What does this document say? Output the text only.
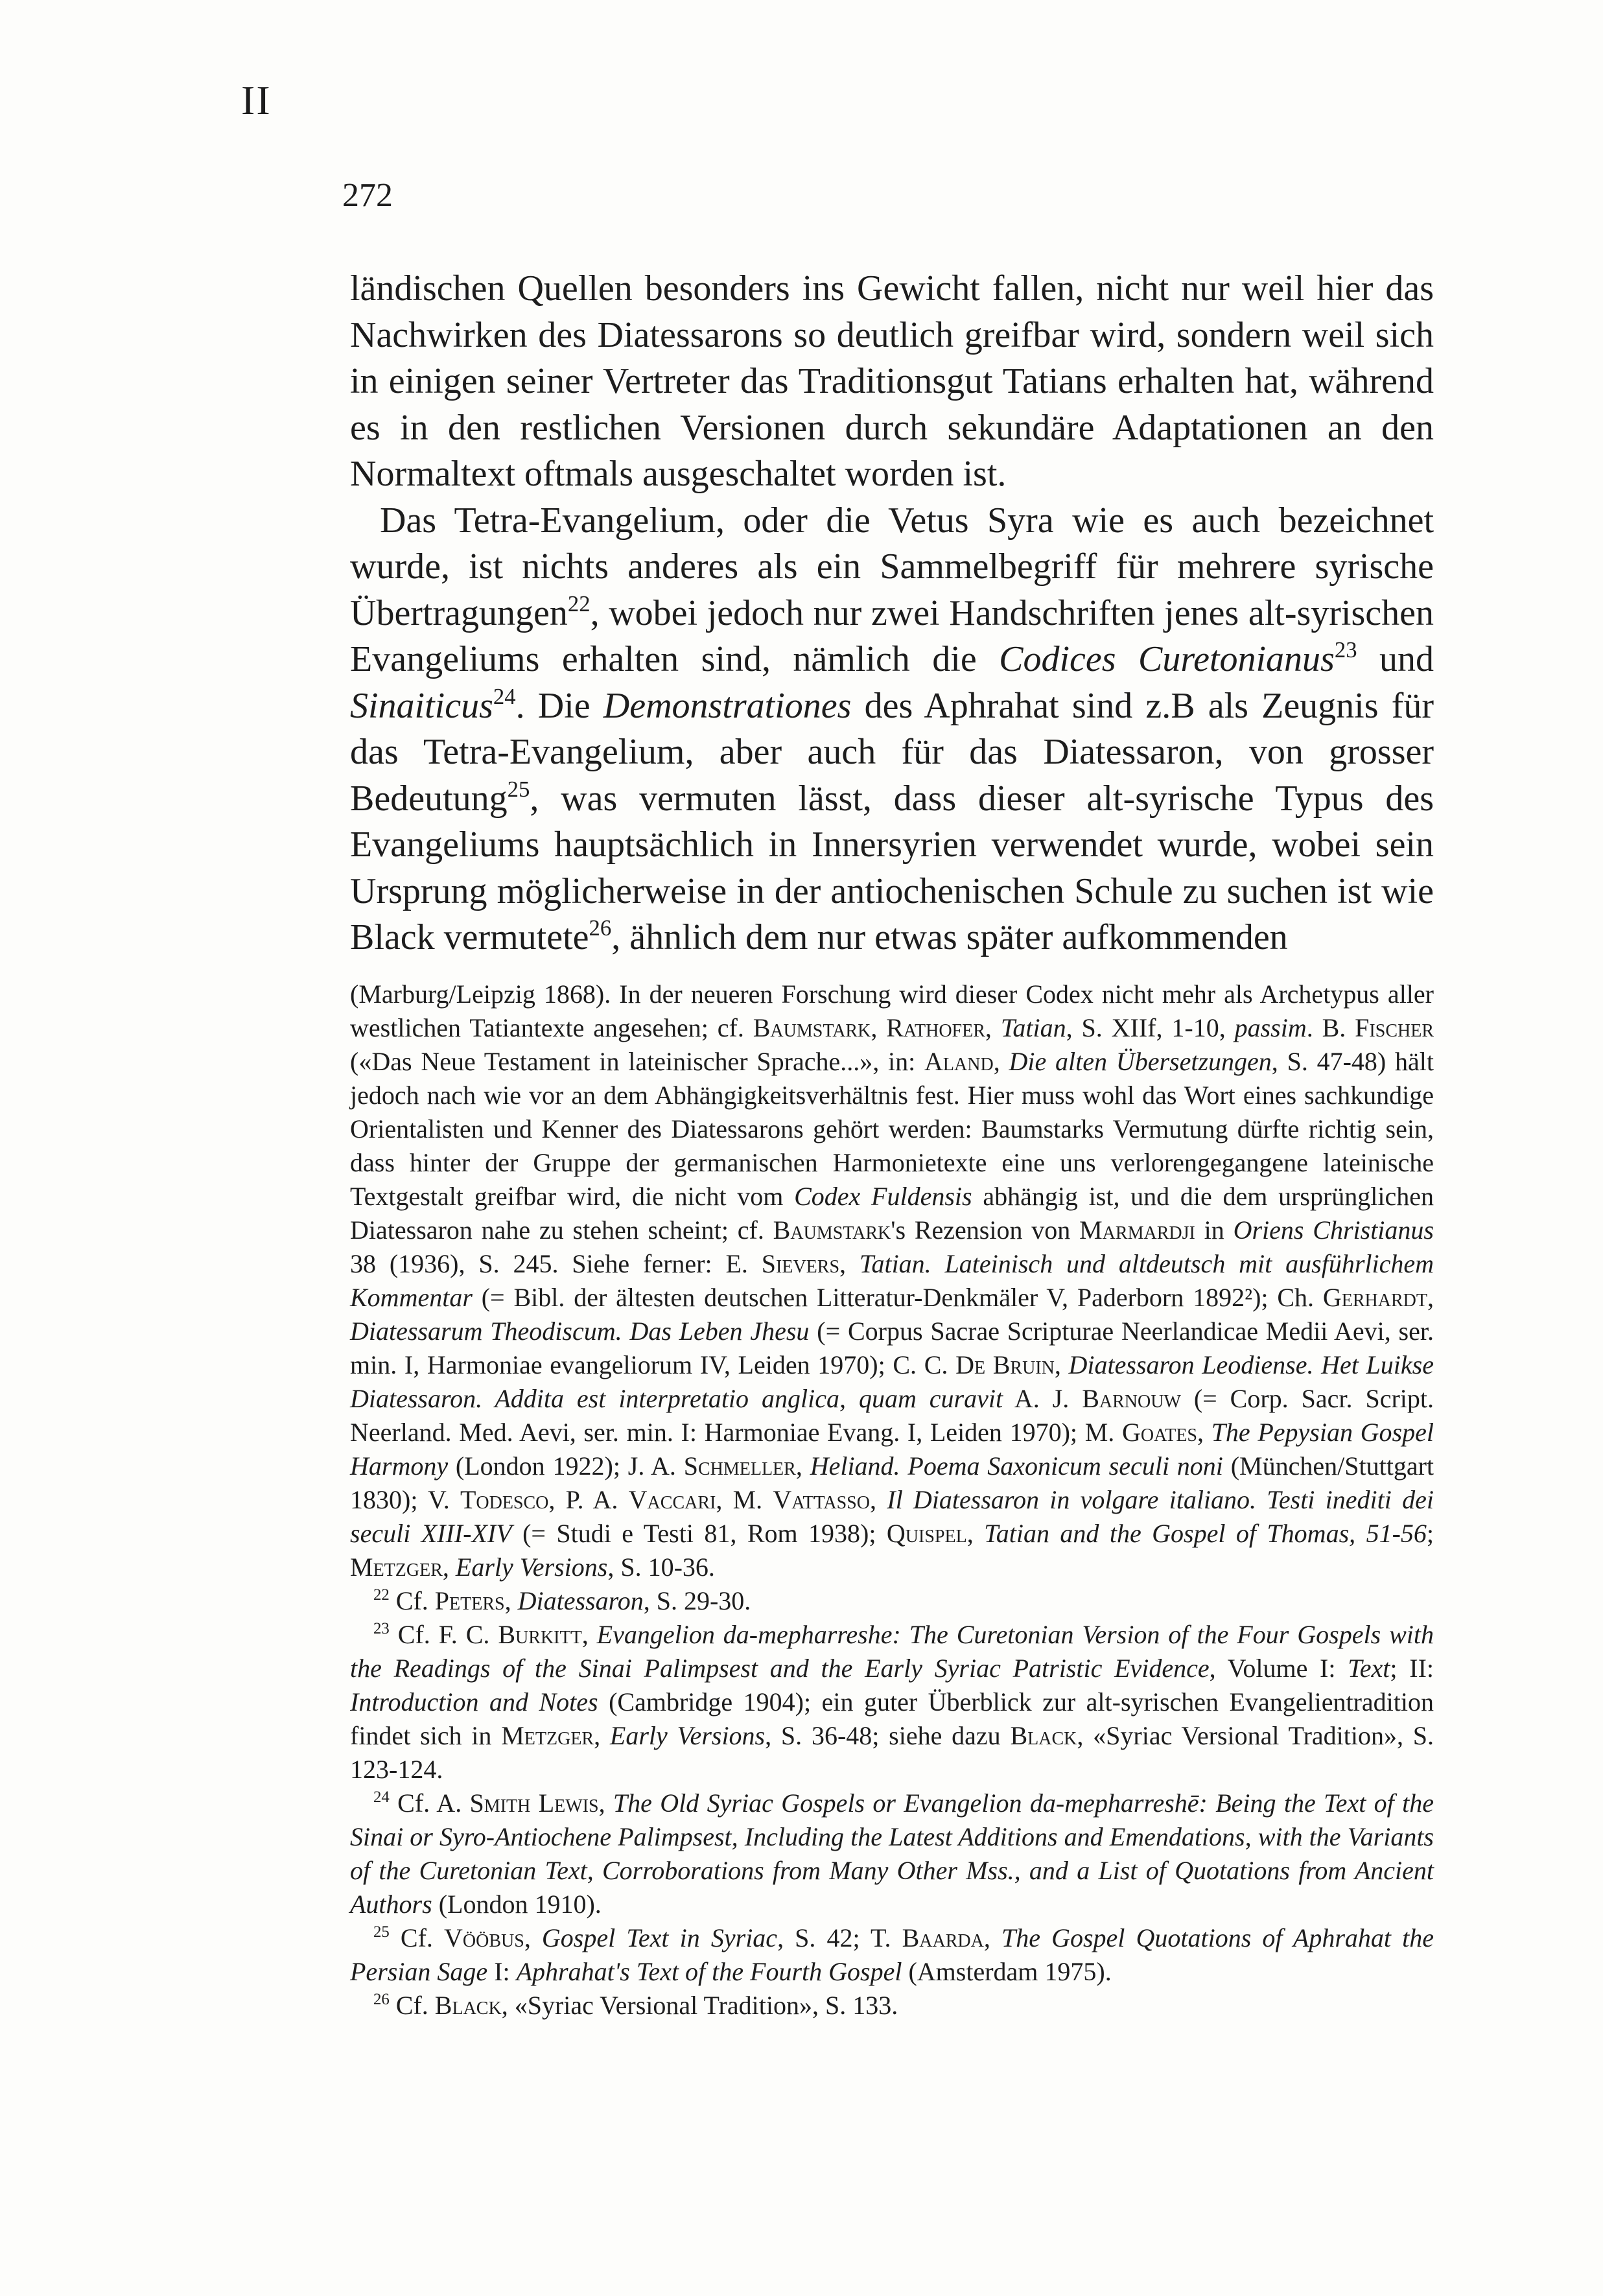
II
272

ländischen Quellen besonders ins Gewicht fallen, nicht nur weil hier das Nachwirken des Diatessarons so deutlich greifbar wird, sondern weil sich in einigen seiner Vertreter das Traditionsgut Tatians erhalten hat, während es in den restlichen Versionen durch sekundäre Adaptationen an den Normaltext oftmals ausgeschaltet worden ist.

Das Tetra-Evangelium, oder die Vetus Syra wie es auch bezeichnet wurde, ist nichts anderes als ein Sammelbegriff für mehrere syrische Übertragungen$^{22}$, wobei jedoch nur zwei Handschriften jenes alt-syrischen Evangeliums erhalten sind, nämlich die Codices Curetonianus$^{23}$ und Sinaiticus$^{24}$. Die Demonstrationes des Aphrahat sind z.B als Zeugnis für das Tetra-Evangelium, aber auch für das Diatessaron, von grosser Bedeutung$^{25}$, was vermuten lässt, dass dieser alt-syrische Typus des Evangeliums hauptsächlich in Innersyrien verwendet wurde, wobei sein Ursprung möglicherweise in der antiochenischen Schule zu suchen ist wie Black vermutete$^{26}$, ähnlich dem nur etwas später aufkommenden

(Marburg/Leipzig 1868). In der neueren Forschung wird dieser Codex nicht mehr als Archetypus aller westlichen Tatiantexte angesehen; cf. Baumstark, Rathofer, Tatian, S. XIIf, 1-10, passim. B. Fischer («Das Neue Testament in lateinischer Sprache...», in: Aland, Die alten Übersetzungen, S. 47-48) hält jedoch nach wie vor an dem Abhängigkeitsverhältnis fest. Hier muss wohl das Wort eines sachkundige Orientalisten und Kenner des Diatessarons gehört werden: Baumstarks Vermutung dürfte richtig sein, dass hinter der Gruppe der germanischen Harmonietexte eine uns verlorengegangene lateinische Textgestalt greifbar wird, die nicht vom Codex Fuldensis abhängig ist, und die dem ursprünglichen Diatessaron nahe zu stehen scheint; cf. Baumstark's Rezension von Marmardji in Oriens Christianus 38 (1936), S. 245. Siehe ferner: E. Sievers, Tatian. Lateinisch und altdeutsch mit ausführlichem Kommentar (= Bibl. der ältesten deutschen Litteratur-Denkmäler V, Paderborn 1892²); Ch. Gerhardt, Diatessarum Theodiscum. Das Leben Jhesu (= Corpus Sacrae Scripturae Neerlandicae Medii Aevi, ser. min. I, Harmoniae evangeliorum IV, Leiden 1970); C. C. De Bruin, Diatessaron Leodiense. Het Luikse Diatessaron. Addita est interpretatio anglica, quam curavit A. J. Barnouw (= Corp. Sacr. Script. Neerland. Med. Aevi, ser. min. I: Harmoniae Evang. I, Leiden 1970); M. Goates, The Pepysian Gospel Harmony (London 1922); J. A. Schmeller, Heliand. Poema Saxonicum seculi noni (München/Stuttgart 1830); V. Todesco, P. A. Vaccari, M. Vattasso, Il Diatessaron in volgare italiano. Testi inediti dei seculi XIII-XIV (= Studi e Testi 81, Rom 1938); Quispel, Tatian and the Gospel of Thomas, 51-56; Metzger, Early Versions, S. 10-36.

$^{22}$ Cf. Peters, Diatessaron, S. 29-30.

$^{23}$ Cf. F. C. Burkitt, Evangelion da-mepharreshe: The Curetonian Version of the Four Gospels with the Readings of the Sinai Palimpsest and the Early Syriac Patristic Evidence, Volume I: Text; II: Introduction and Notes (Cambridge 1904); ein guter Überblick zur alt-syrischen Evangelientradition findet sich in Metzger, Early Versions, S. 36-48; siehe dazu Black, «Syriac Versional Tradition», S. 123-124.

$^{24}$ Cf. A. Smith Lewis, The Old Syriac Gospels or Evangelion da-mepharreshē: Being the Text of the Sinai or Syro-Antiochene Palimpsest, Including the Latest Additions and Emendations, with the Variants of the Curetonian Text, Corroborations from Many Other Mss., and a List of Quotations from Ancient Authors (London 1910).

$^{25}$ Cf. Vööbus, Gospel Text in Syriac, S. 42; T. Baarda, The Gospel Quotations of Aphrahat the Persian Sage I: Aphrahat's Text of the Fourth Gospel (Amsterdam 1975).

$^{26}$ Cf. Black, «Syriac Versional Tradition», S. 133.
